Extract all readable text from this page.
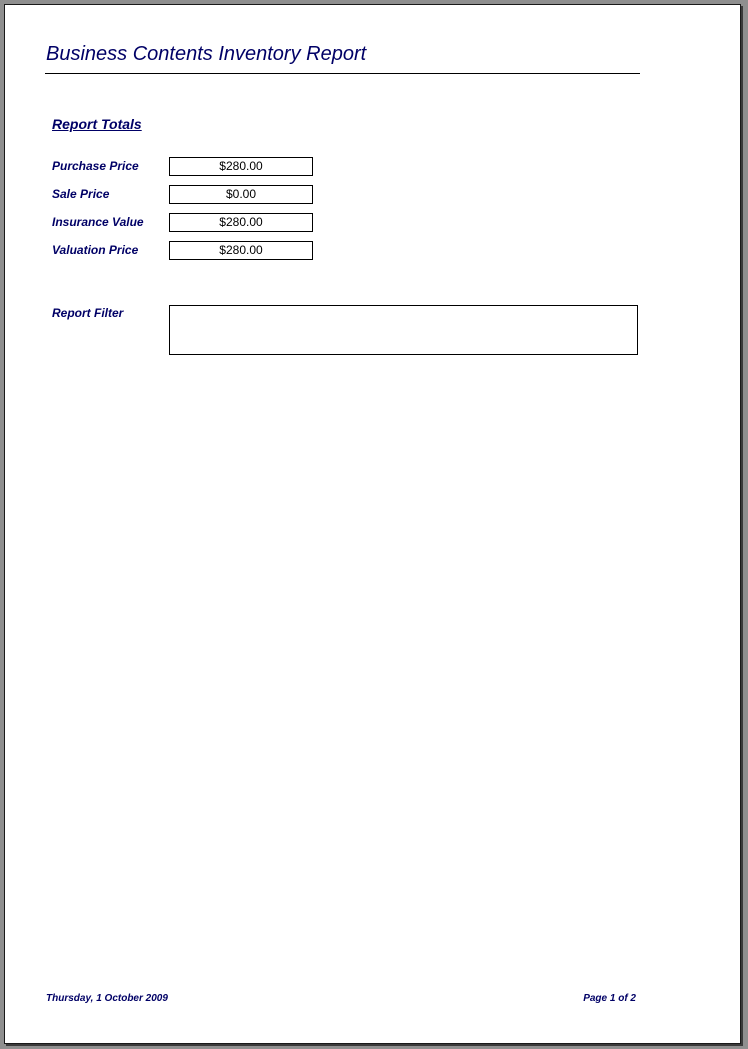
Business Contents Inventory Report
Report Totals
Purchase Price	$280.00
Sale Price	$0.00
Insurance Value	$280.00
Valuation Price	$280.00
Report Filter
Thursday, 1 October 2009	Page 1 of 2
